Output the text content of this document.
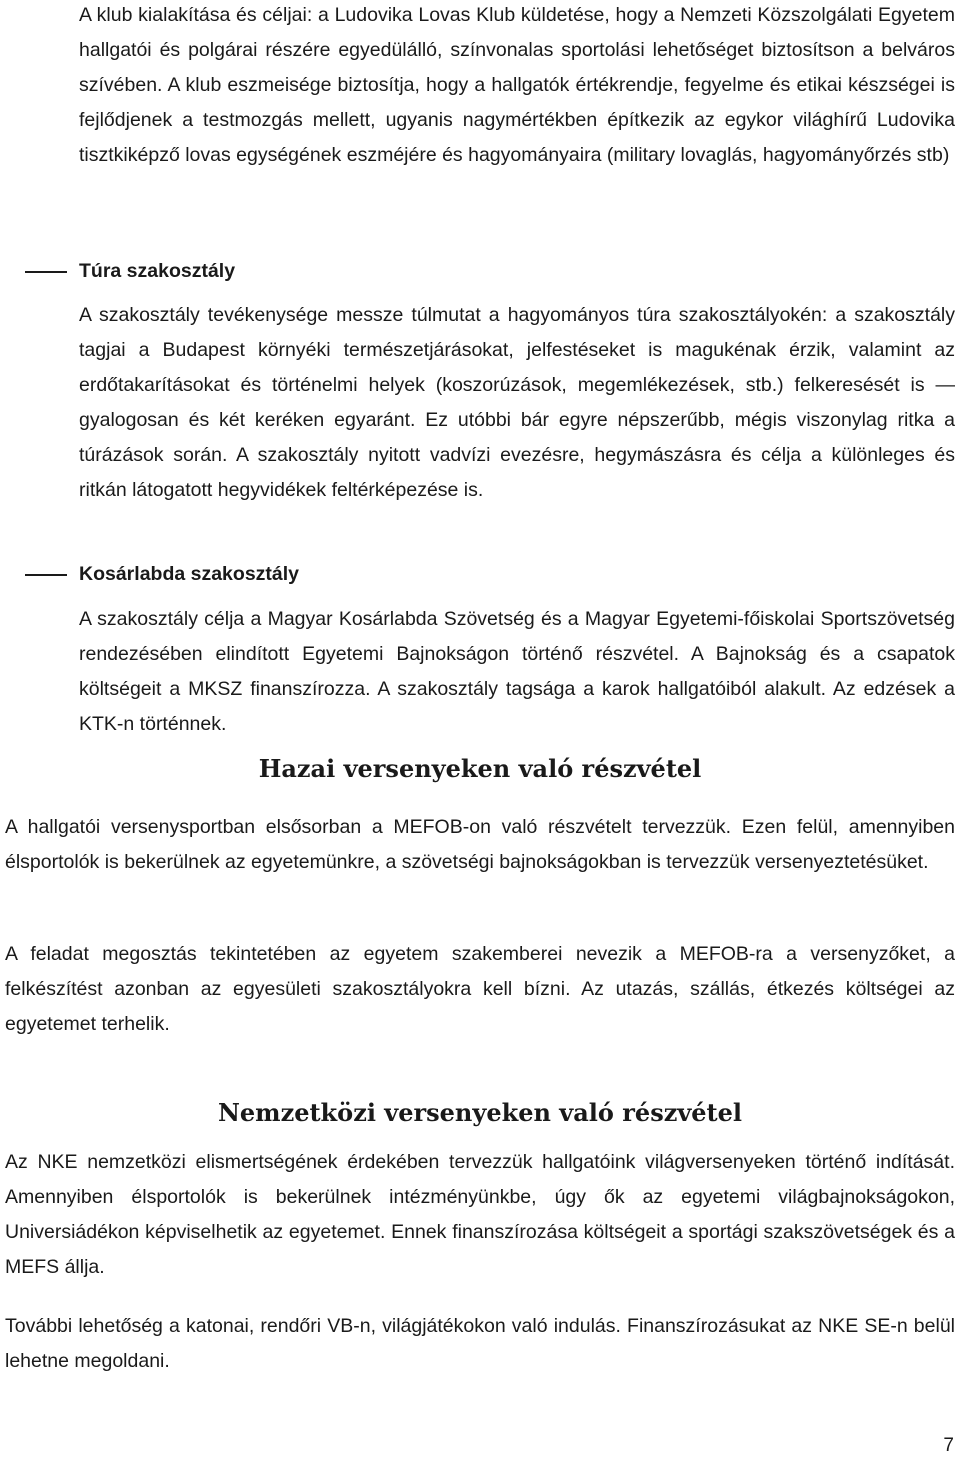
A klub kialakítása és céljai: a Ludovika Lovas Klub küldetése, hogy a Nemzeti Közszolgálati Egyetem hallgatói és polgárai részére egyedülálló, színvonalas sportolási lehetőséget biztosítson a belváros szívében. A klub eszmeisége biztosítja, hogy a hallgatók értékrendje, fegyelme és etikai készségei is fejlődjenek a testmozgás mellett, ugyanis nagymértékben építkezik az egykor világhírű Ludovika tisztkiképző lovas egységének eszméjére és hagyományaira (military lovaglás, hagyományőrzés stb)

Túra szakosztály

A szakosztály tevékenysége messze túlmutat a hagyományos túra szakosztályokén: a szakosztály tagjai a Budapest környéki természetjárásokat, jelfestéseket is magukénak érzik, valamint az erdőtakarításokat és történelmi helyek (koszorúzások, megemlékezések, stb.) felkeresését is — gyalogosan és két keréken egyaránt. Ez utóbbi bár egyre népszerűbb, mégis viszonylag ritka a túrázások során. A szakosztály nyitott vadvízi evezésre, hegymászásra és célja a különleges és ritkán látogatott hegyvidékek feltérképezése is.

Kosárlabda szakosztály

A szakosztály célja a Magyar Kosárlabda Szövetség és a Magyar Egyetemi-főiskolai Sportszövetség rendezésében elindított Egyetemi Bajnokságon történő részvétel. A Bajnokság és a csapatok költségeit a MKSZ finanszírozza. A szakosztály tagsága a karok hallgatóiból alakult. Az edzések a KTK-n történnek.

Hazai versenyeken való részvétel

A hallgatói versenysportban elsősorban a MEFOB-on való részvételt tervezzük. Ezen felül, amennyiben élsportolók is bekerülnek az egyetemünkre, a szövetségi bajnokságokban is tervezzük versenyeztetésüket.

A feladat megosztás tekintetében az egyetem szakemberei nevezik a MEFOB-ra a versenyzőket, a felkészítést azonban az egyesületi szakosztályokra kell bízni. Az utazás, szállás, étkezés költségei az egyetemet terhelik.

Nemzetközi versenyeken való részvétel

Az NKE nemzetközi elismertségének érdekében tervezzük hallgatóink világversenyeken történő indítását. Amennyiben élsportolók is bekerülnek intézményünkbe, úgy ők az egyetemi világbajnokságokon, Universiádékon képviselhetik az egyetemet. Ennek finanszírozása költségeit a sportági szakszövetségek és a MEFS állja.

További lehetőség a katonai, rendőri VB-n, világjátékokon való indulás. Finanszírozásukat az NKE SE-n belül lehetne megoldani.

7
